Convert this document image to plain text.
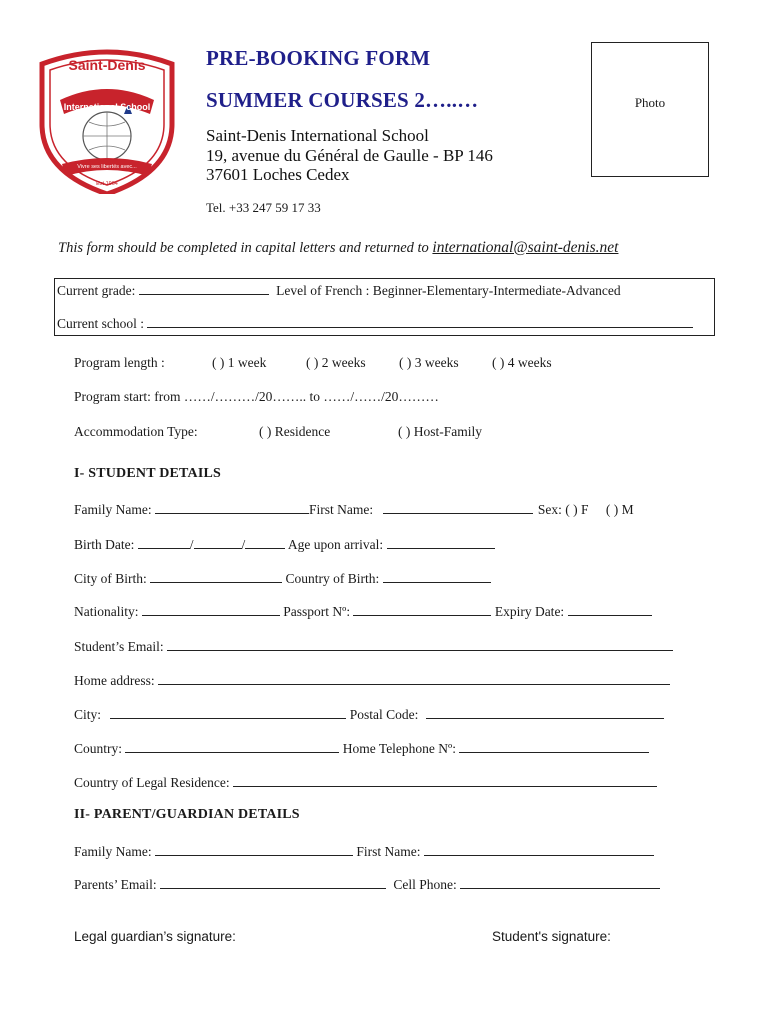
Saint-Denis
International School
Vivre ses libertés avec...
Est 1904
PRE-BOOKING FORM
SUMMER COURSES 2…..…
Saint-Denis International School
19, avenue du Général de Gaulle - BP 146
37601 Loches Cedex
Tel. +33 247 59 17 33
Photo
This form should be completed in capital letters and returned to international@saint-denis.net
Current grade:	Level of French : Beginner-Elementary-Intermediate-Advanced
Current school :
Program length :	( ) 1 week	( ) 2 weeks ( ) 3 weeks ( ) 4 weeks
Program start: from ……/………/20…….. to ……/……/20………
Accommodation Type:	( ) Residence	( ) Host-Family
I- STUDENT DETAILS
Family Name:	First Name:	Sex: ( ) F ( ) M
Birth Date:	/	/	Age upon arrival:
City of Birth:	Country of Birth:
Nationality:	Passport Nº:	Expiry Date:
Student’s Email:
Home address:
City:	Postal Code:
Country:	Home Telephone Nº:
Country of Legal Residence:
II- PARENT/GUARDIAN DETAILS
Family Name:	First Name:
Parents’ Email:	Cell Phone:
Legal guardian’s signature:	Student's signature:
